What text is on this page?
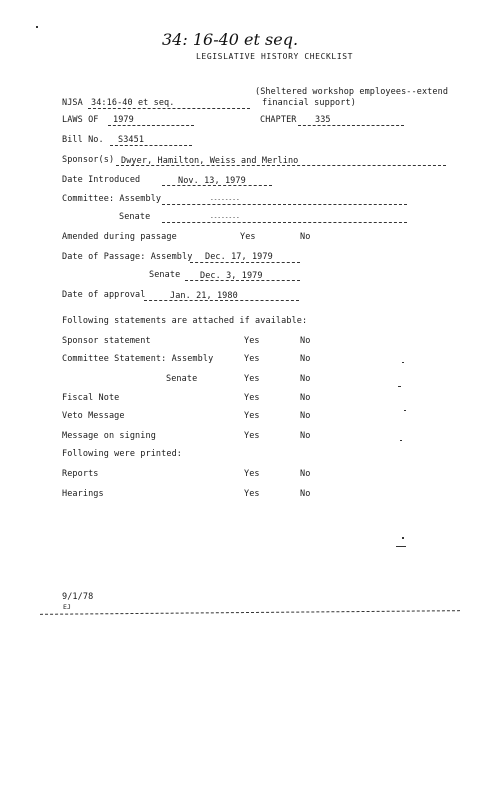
34: 16-40 et seq.
LEGISLATIVE HISTORY CHECKLIST
NJSA 34:16-40 et seq.
(Sheltered workshop employees--extend
financial support)
LAWS OF 1979	CHAPTER 335
Bill No. S3451
Sponsor(s) Dwyer, Hamilton, Weiss and Merlino
Date Introduced	Nov. 13, 1979
Committee: Assembly	--------
Senate	--------
Amended during passage	Yes	No
Date of Passage: Assembly Dec. 17, 1979
Senate Dec. 3, 1979
Date of approval	Jan. 21, 1980
Following statements are attached if available:
Sponsor statement	Yes	No
Committee Statement: Assembly	Yes	No
Senate	Yes	No
Fiscal Note	Yes	No
Veto Message	Yes	No
Message on signing	Yes	No
Following were printed:
Reports	Yes	No
Hearings	Yes	No
9/1/78
EJ
